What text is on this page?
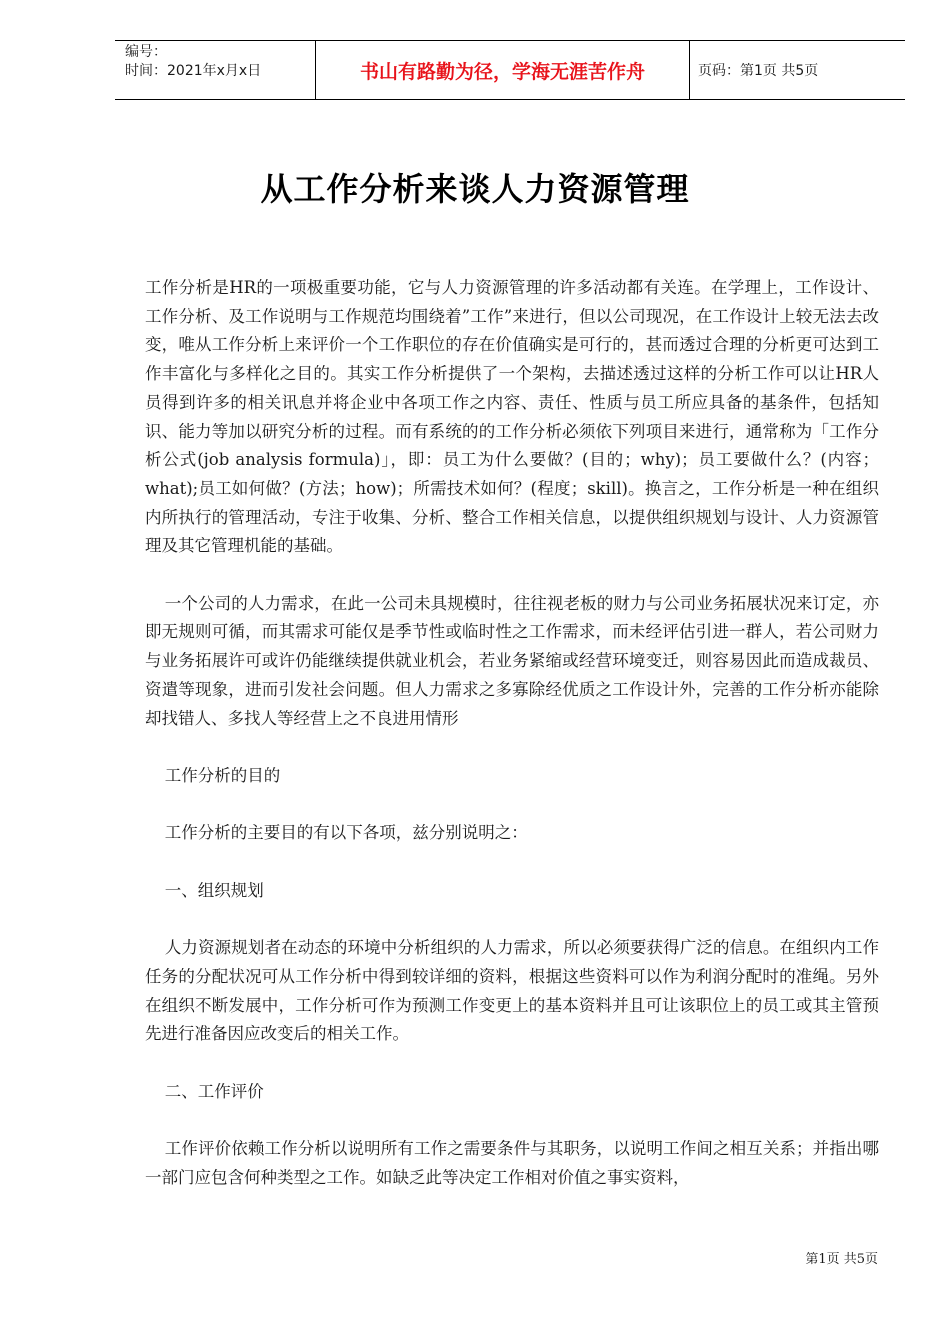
编号：
时间：2021年x月x日	书山有路勤为径，学海无涯苦作舟	页码：第1页 共5页
从工作分析来谈人力资源管理

工作分析是HR的一项极重要功能，它与人力资源管理的许多活动都有关连。在学理上，工作设计、工作分析、及工作说明与工作规范均围绕着”工作”来进行，但以公司现况，在工作设计上较无法去改变，唯从工作分析上来评价一个工作职位的存在价值确实是可行的，甚而透过合理的分析更可达到工作丰富化与多样化之目的。其实工作分析提供了一个架构，去描述透过这样的分析工作可以让HR人员得到许多的相关讯息并将企业中各项工作之内容、责任、性质与员工所应具备的基条件，包括知识、能力等加以研究分析的过程。而有系统的的工作分析必须依下列项目来进行，通常称为「工作分析公式(job analysis formula)」，即：员工为什么要做？(目的；why)；员工要做什么？(内容；what);员工如何做？(方法；how)；所需技术如何？(程度；skill)。换言之，工作分析是一种在组织内所执行的管理活动，专注于收集、分析、整合工作相关信息，以提供组织规划与设计、人力资源管理及其它管理机能的基础。

一个公司的人力需求，在此一公司未具规模时，往往视老板的财力与公司业务拓展状况来订定，亦即无规则可循，而其需求可能仅是季节性或临时性之工作需求，而未经评估引进一群人，若公司财力与业务拓展许可或许仍能继续提供就业机会，若业务紧缩或经营环境变迁，则容易因此而造成裁员、资遣等现象，进而引发社会问题。但人力需求之多寡除经优质之工作设计外，完善的工作分析亦能除却找错人、多找人等经营上之不良进用情形

工作分析的目的

工作分析的主要目的有以下各项，兹分别说明之：

一、组织规划

人力资源规划者在动态的环境中分析组织的人力需求，所以必须要获得广泛的信息。在组织内工作任务的分配状况可从工作分析中得到较详细的资料，根据这些资料可以作为利润分配时的准绳。另外在组织不断发展中，工作分析可作为预测工作变更上的基本资料并且可让该职位上的员工或其主管预先进行准备因应改变后的相关工作。

二、工作评价

工作评价依赖工作分析以说明所有工作之需要条件与其职务，以说明工作间之相互关系；并指出哪一部门应包含何种类型之工作。如缺乏此等决定工作相对价值之事实资料，

第1页 共5页
